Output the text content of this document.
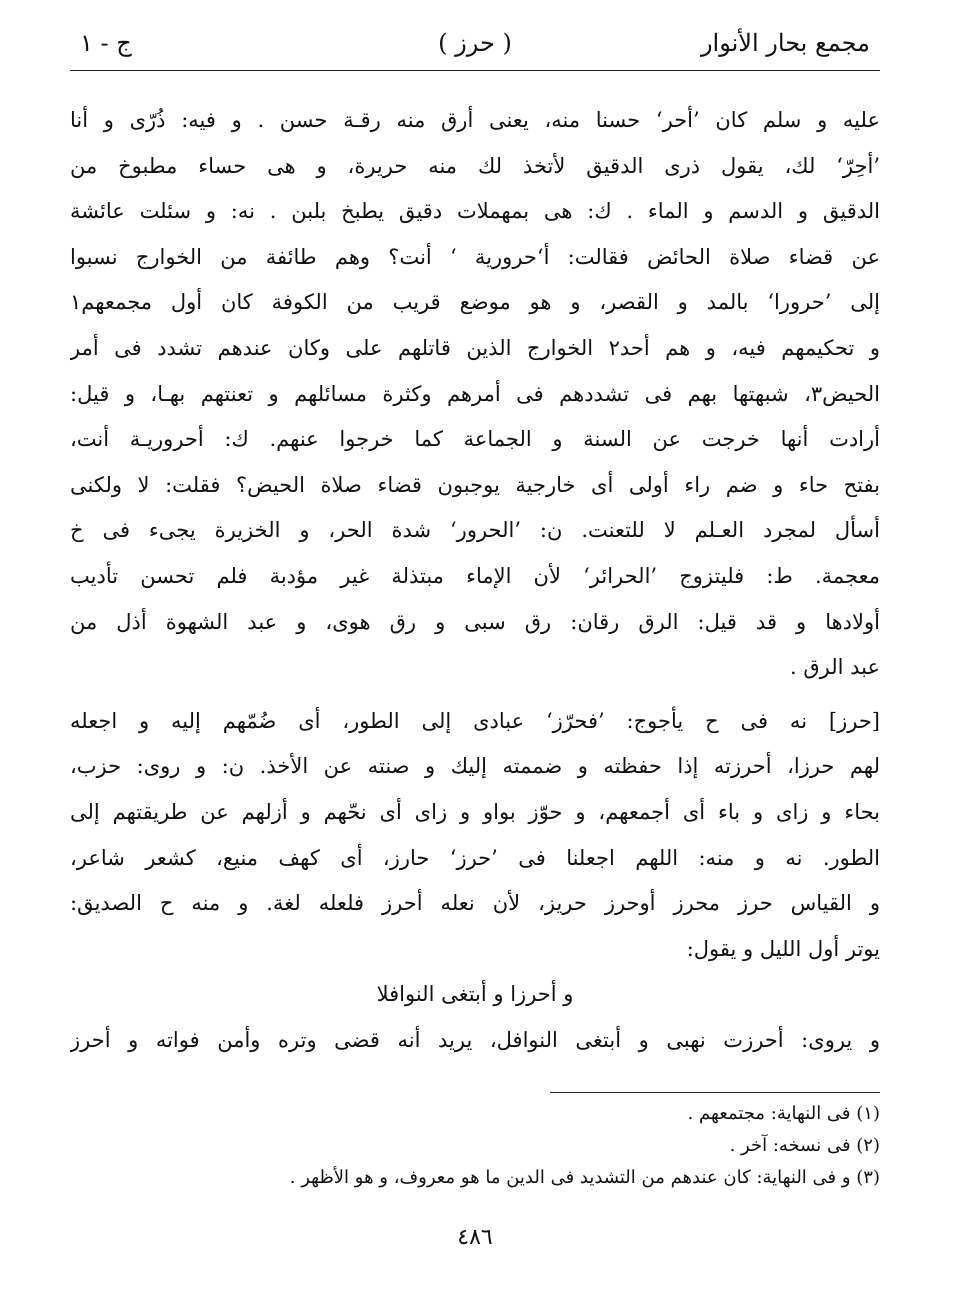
مجمع بحار الأنوار
( حرز )
ج - ١
عليه و سلم كان ’أحر‘ حسنا منه، يعنى أرق منه رقـة حسن . و فيه: ذُرّى و أنا
’أحِرّ‘ لك، يقول ذرى الدقيق لأتخذ لك منه حريرة، و هى حساء مطبوخ من
الدقيق و الدسم و الماء . ك: هى بمهملات دقيق يطبخ بلبن . نه: و سئلت عائشة
عن قضاء صلاة الحائض فقالت: أ‘حرورية ‘ أنت؟ وهم طائفة من الخوارج نسبوا
إلى ’حرورا‘ بالمد و القصر، و هو موضع قريب من الكوفة كان أول مجمعهم١
و تحكيمهم فيه، و هم أحد٢ الخوارج الذين قاتلهم على وكان عندهم تشدد فى أمر
الحيض٣، شبهتها بهم فى تشددهم فى أمرهم وكثرة مسائلهم و تعنتهم بهـا، و قيل:
أرادت أنها خرجت عن السنة و الجماعة كما خرجوا عنهم. ك: أحروريـة أنت،
بفتح حاء و ضم راء أولى أى خارجية يوجبون قضاء صلاة الحيض؟ فقلت: لا ولكنى
أسأل لمجرد العـلم لا للتعنت. ن: ’الحرور‘ شدة الحر، و الخزيرة يجىء فى خ
معجمة. ط: فليتزوج ’الحرائر‘ لأن الإماء مبتذلة غير مؤدبة فلم تحسن تأديب
أولادها و قد قيل: الرق رقان: رق سبى و رق هوى، و عبد الشهوة أذل من
عبد الرق .
[حرز] نه فى ح يأجوج: ’فحرّز‘ عبادى إلى الطور، أى ضُمّهم إليه و اجعله
لهم حرزا، أحرزته إذا حفظته و ضممته إليك و صنته عن الأخذ. ن: و روى: حزب،
بحاء و زاى و باء أى أجمعهم، و حوّز بواو و زاى أى نحّهم و أزلهم عن طريقتهم إلى
الطور. نه و منه: اللهم اجعلنا فى ’حرز‘ حارز، أى كهف منيع، كشعر شاعر،
و القياس حرز محرز أوحرز حريز، لأن نعله أحرز فلعله لغة. و منه ح الصديق:
يوتر أول الليل و يقول:
و أحرزا و أبتغى النوافلا
و يروى: أحرزت نهبى و أبتغى النوافل، يريد أنه قضى وتره وأمن فواته و أحرز
(١) فى النهاية: مجتمعهم .
(٢) فى نسخه: آخر .
(٣) و فى النهاية: كان عندهم من التشديد فى الدين ما هو معروف، و هو الأظهر .
٤٨٦
